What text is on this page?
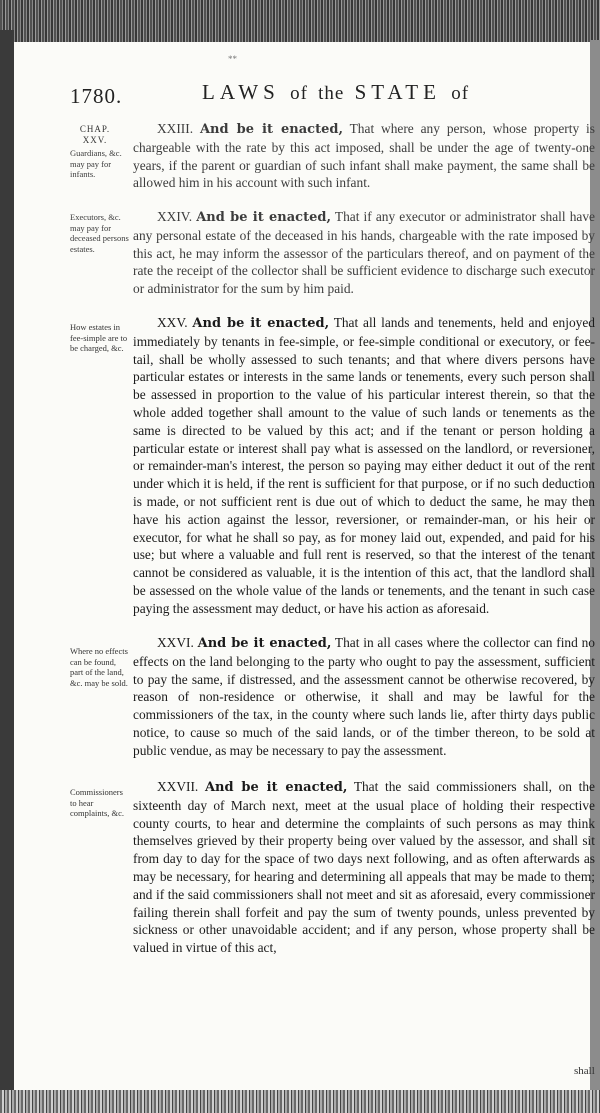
**
1780.	LAWS of the STATE of
CHAP.
XXV.
Guardians, &c. may pay for infants.
XXIII. And be it enacted, That where any person, whose property is chargeable with the rate by this act imposed, shall be under the age of twenty-one years, if the parent or guardian of such infant shall make payment, the same shall be allowed him in his account with such infant.
Executors, &c. may pay for deceased persons estates.
XXIV. And be it enacted, That if any executor or administrator shall have any personal estate of the deceased in his hands, chargeable with the rate imposed by this act, he may inform the assessor of the particulars thereof, and on payment of the rate the receipt of the collector shall be sufficient evidence to discharge such executor or administrator for the sum by him paid.
How estates in fee-simple are to be charged, &c.
XXV. And be it enacted, That all lands and tenements, held and enjoyed immediately by tenants in fee-simple, or fee-simple conditional or executory, or fee-tail, shall be wholly assessed to such tenants; and that where divers persons have particular estates or interests in the same lands or tenements, every such person shall be assessed in proportion to the value of his particular interest therein, so that the whole added together shall amount to the value of such lands or tenements as the same is directed to be valued by this act; and if the tenant or person holding a particular estate or interest shall pay what is assessed on the landlord, or reversioner, or remainder-man's interest, the person so paying may either deduct it out of the rent under which it is held, if the rent is sufficient for that purpose, or if no such deduction is made, or not sufficient rent is due out of which to deduct the same, he may then have his action against the lessor, reversioner, or remainder-man, or his heir or executor, for what he shall so pay, as for money laid out, expended, and paid for his use; but where a valuable and full rent is reserved, so that the interest of the tenant cannot be considered as valuable, it is the intention of this act, that the landlord shall be assessed on the whole value of the lands or tenements, and the tenant in such case paying the assessment may deduct, or have his action as aforesaid.
Where no effects can be found, part of the land, &c. may be sold.
XXVI. And be it enacted, That in all cases where the collector can find no effects on the land belonging to the party who ought to pay the assessment, sufficient to pay the same, if distressed, and the assessment cannot be otherwise recovered, by reason of non-residence or otherwise, it shall and may be lawful for the commissioners of the tax, in the county where such lands lie, after thirty days public notice, to cause so much of the said lands, or of the timber thereon, to be sold at public vendue, as may be necessary to pay the assessment.
Commissioners to hear complaints, &c.
XXVII. And be it enacted, That the said commissioners shall, on the sixteenth day of March next, meet at the usual place of holding their respective county courts, to hear and determine the complaints of such persons as may think themselves grieved by their property being over valued by the assessor, and shall sit from day to day for the space of two days next following, and as often afterwards as may be necessary, for hearing and determining all appeals that may be made to them; and if the said commissioners shall not meet and sit as aforesaid, every commissioner failing therein shall forfeit and pay the sum of twenty pounds, unless prevented by sickness or other unavoidable accident; and if any person, whose property shall be valued in virtue of this act,
shall
